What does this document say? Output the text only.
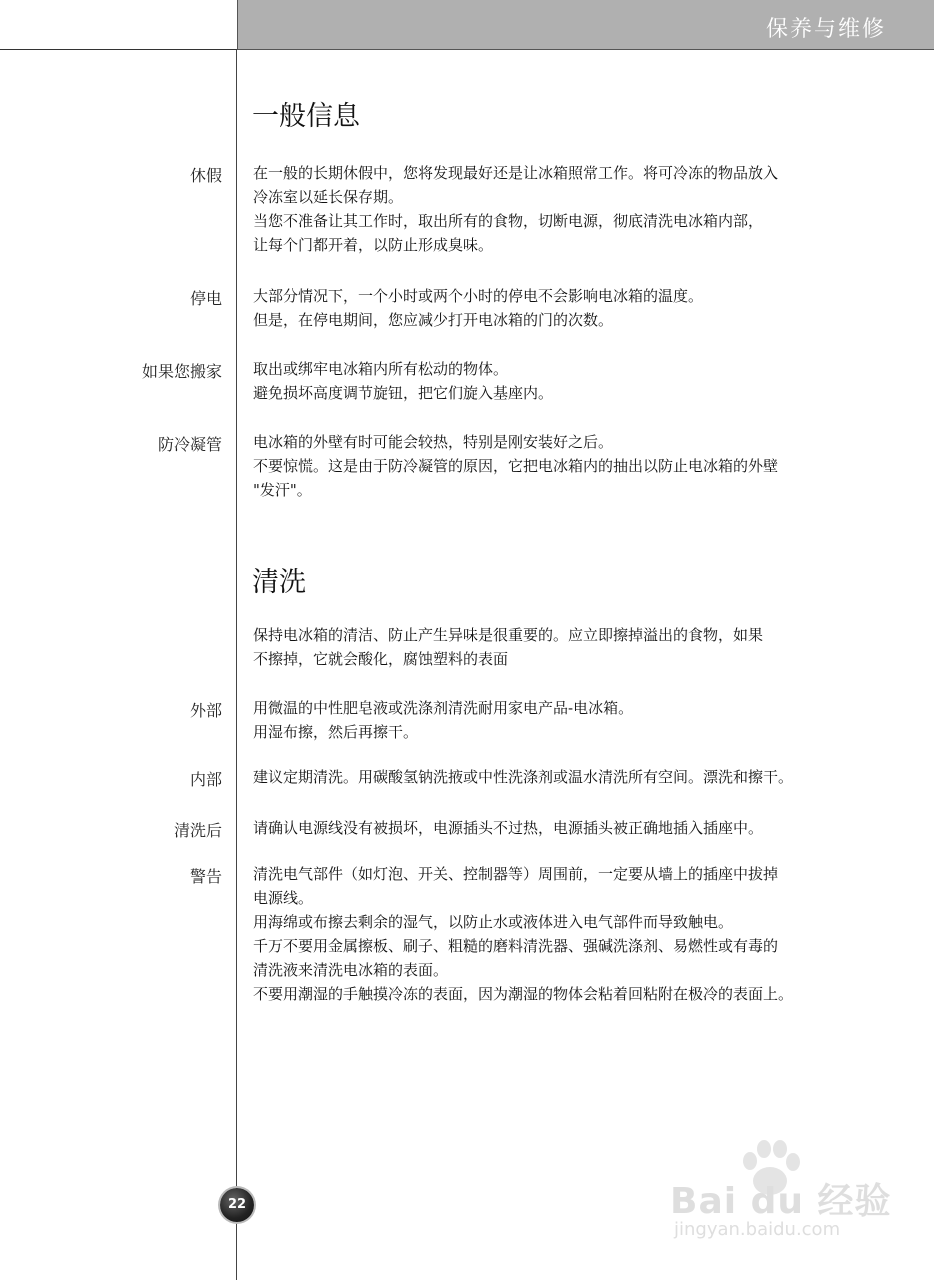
保养与维修
一般信息
休假 在一般的长期休假中，您将发现最好还是让冰箱照常工作。将可冷冻的物品放入
冷冻室以延长保存期。
当您不准备让其工作时，取出所有的食物，切断电源，彻底清洗电冰箱内部，
让每个门都开着，以防止形成臭味。
停电 大部分情况下，一个小时或两个小时的停电不会影响电冰箱的温度。
但是，在停电期间，您应减少打开电冰箱的门的次数。
如果您搬家 取出或绑牢电冰箱内所有松动的物体。
避免损坏高度调节旋钮，把它们旋入基座内。
防冷凝管 电冰箱的外壁有时可能会较热，特别是刚安装好之后。
不要惊慌。这是由于防冷凝管的原因，它把电冰箱内的抽出以防止电冰箱的外壁
"发汗"。
清洗
保持电冰箱的清洁、防止产生异味是很重要的。应立即擦掉溢出的食物，如果
不擦掉，它就会酸化，腐蚀塑料的表面
外部 用微温的中性肥皂液或洗涤剂清洗耐用家电产品-电冰箱。
用湿布擦，然后再擦干。
内部 建议定期清洗。用碳酸氢钠洗掖或中性洗涤剂或温水清洗所有空间。漂洗和擦干。
清洗后 请确认电源线没有被损坏，电源插头不过热，电源插头被正确地插入插座中。
警告 清洗电气部件（如灯泡、开关、控制器等）周围前，一定要从墙上的插座中拔掉
电源线。
用海绵或布擦去剩余的湿气，以防止水或液体进入电气部件而导致触电。
千万不要用金属擦板、刷子、粗糙的磨料清洗器、强碱洗涤剂、易燃性或有毒的
清洗液来清洗电冰箱的表面。
不要用潮湿的手触摸冷冻的表面，因为潮湿的物体会粘着回粘附在极冷的表面上。
22	Bai du 经验
jingyan.baidu.com
